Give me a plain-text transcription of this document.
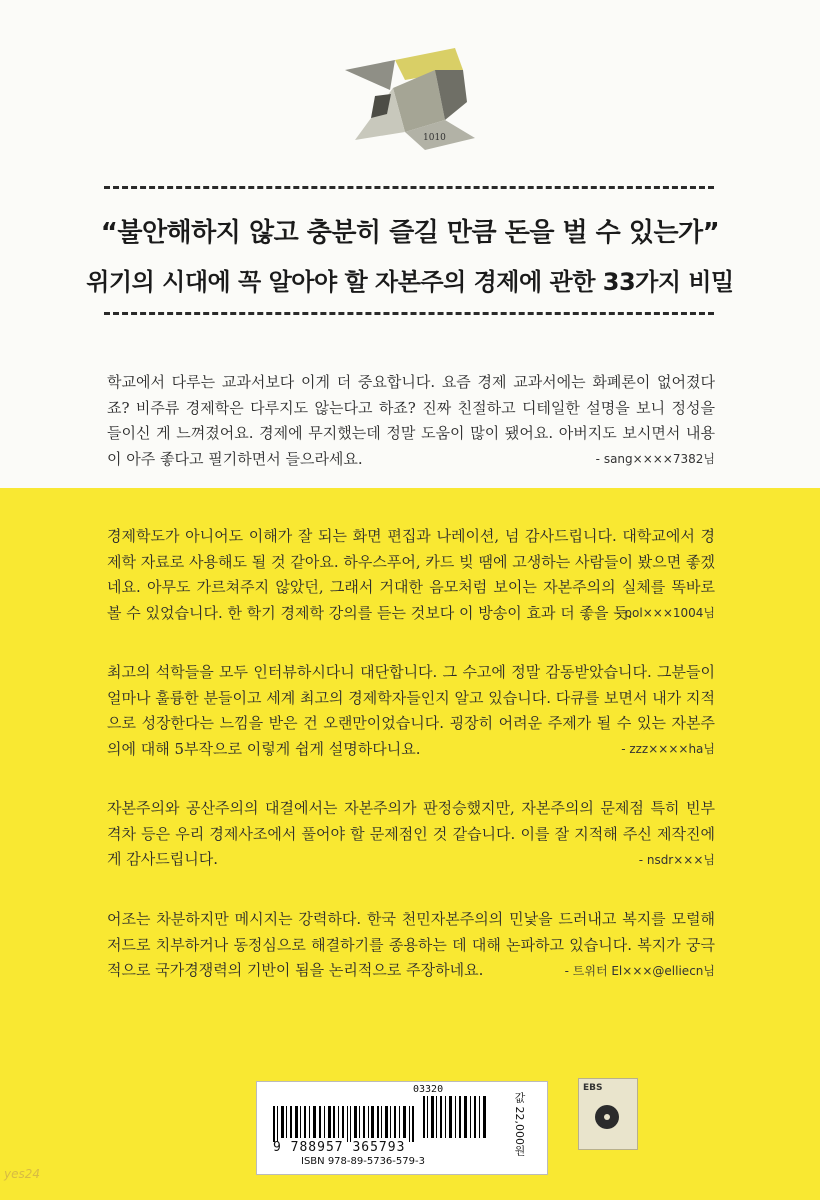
1010
“불안해하지 않고 충분히 즐길 만큼 돈을 벌 수 있는가”
위기의 시대에 꼭 알아야 할 자본주의 경제에 관한 33가지 비밀
학교에서 다루는 교과서보다 이게 더 중요합니다. 요즘 경제 교과서에는 화폐론이 없어졌다죠? 비주류 경제학은 다루지도 않는다고 하죠? 진짜 친절하고 디테일한 설명을 보니 정성을 들이신 게 느껴졌어요. 경제에 무지했는데 정말 도움이 많이 됐어요. 아버지도 보시면서 내용이 아주 좋다고 필기하면서 들으라세요.	- sang××××7382님
경제학도가 아니어도 이해가 잘 되는 화면 편집과 나레이션, 넘 감사드립니다. 대학교에서 경제학 자료로 사용해도 될 것 같아요. 하우스푸어, 카드 빚 땜에 고생하는 사람들이 봤으면 좋겠네요. 아무도 가르쳐주지 않았던, 그래서 거대한 음모처럼 보이는 자본주의의 실체를 똑바로 볼 수 있었습니다. 한 학기 경제학 강의를 듣는 것보다 이 방송이 효과 더 좋을 듯.
- pol×××1004님
최고의 석학들을 모두 인터뷰하시다니 대단합니다. 그 수고에 정말 감동받았습니다. 그분들이 얼마나 훌륭한 분들이고 세계 최고의 경제학자들인지 알고 있습니다. 다큐를 보면서 내가 지적으로 성장한다는 느낌을 받은 건 오랜만이었습니다. 굉장히 어려운 주제가 될 수 있는 자본주의에 대해 5부작으로 이렇게 쉽게 설명하다니요.	- zzz××××ha님
자본주의와 공산주의의 대결에서는 자본주의가 판정승했지만, 자본주의의 문제점 특히 빈부격차 등은 우리 경제사조에서 풀어야 할 문제점인 것 같습니다. 이를 잘 지적해 주신 제작진에게 감사드립니다.	- nsdr×××님
어조는 차분하지만 메시지는 강력하다. 한국 천민자본주의의 민낯을 드러내고 복지를 모럴해저드로 치부하거나 동정심으로 해결하기를 종용하는 데 대해 논파하고 있습니다. 복지가 궁극적으로 국가경쟁력의 기반이 됨을 논리적으로 주장하네요.	- 트위터 El×××@elliecn님
03320
9 788957 365793
ISBN 978-89-5736-579-3
값 22,000원
EBS
yes24
